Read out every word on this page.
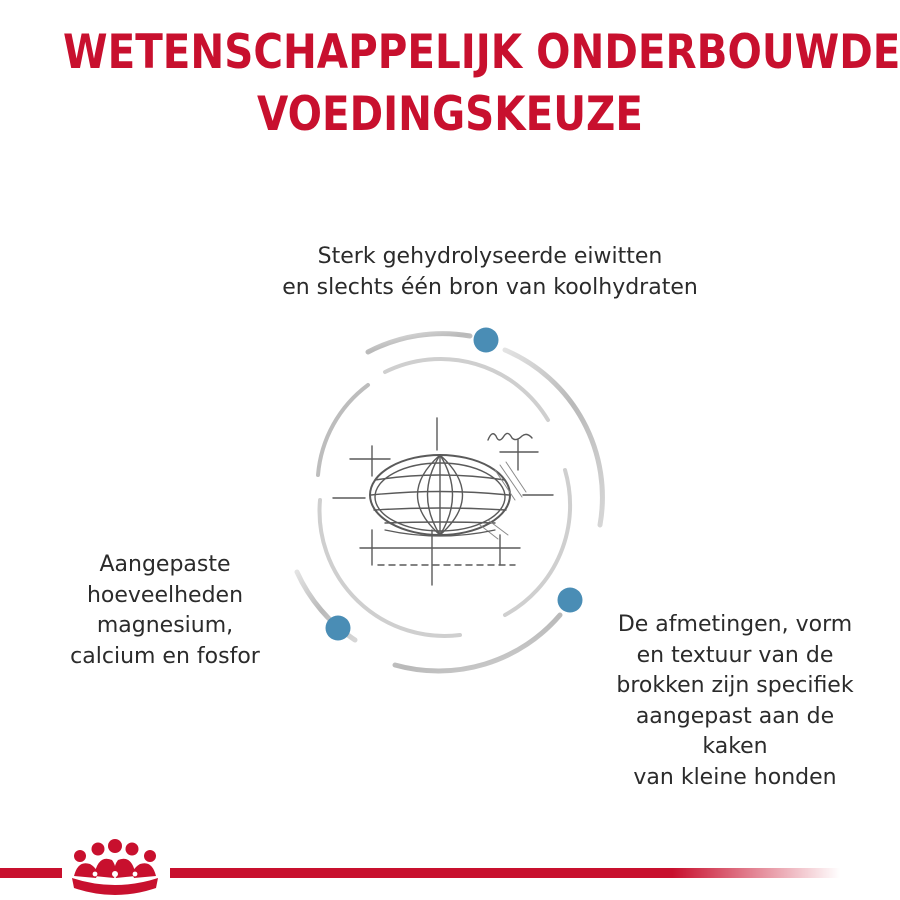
WETENSCHAPPELIJK ONDERBOUWDE
VOEDINGSKEUZE
Sterk gehydrolyseerde eiwitten
en slechts één bron van koolhydraten
Aangepaste
hoeveelheden
magnesium,
calcium en fosfor
De afmetingen, vorm
en textuur van de
brokken zijn specifiek
aangepast aan de
kaken
van kleine honden
